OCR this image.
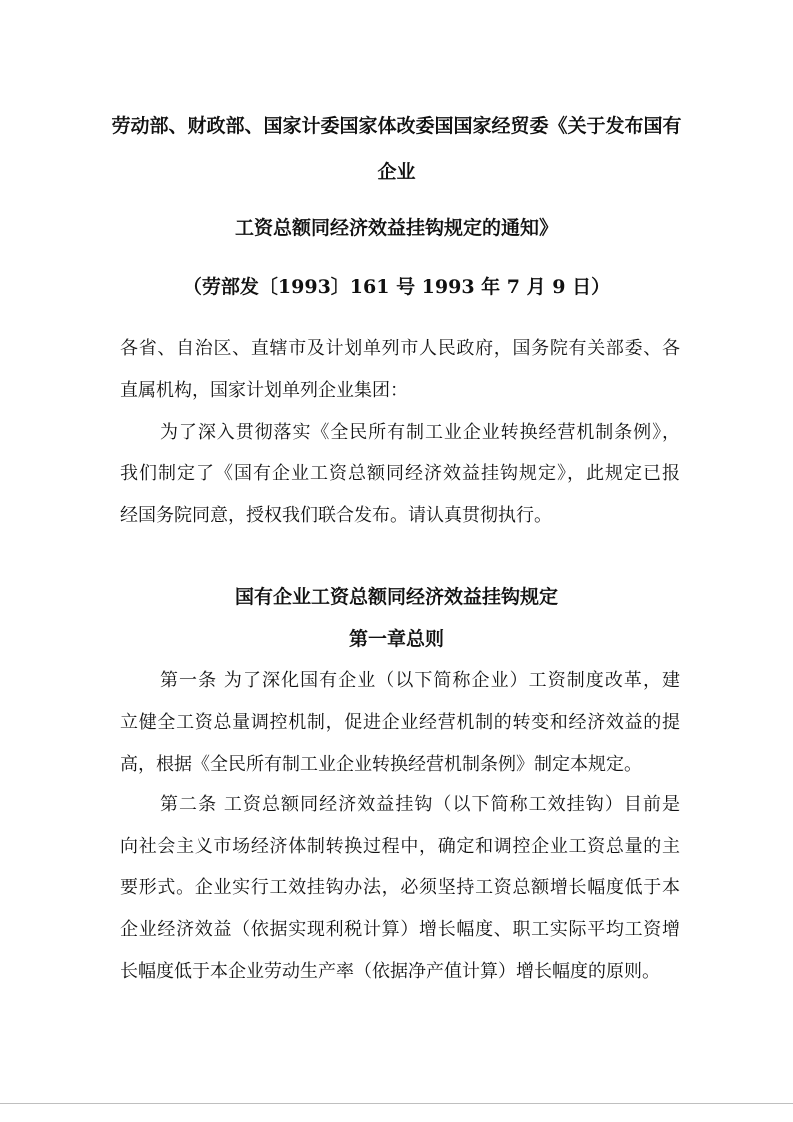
劳动部、财政部、国家计委国家体改委国国家经贸委《关于发布国有
企业
工资总额同经济效益挂钩规定的通知》
（劳部发〔1993〕161 号 1993 年 7 月 9 日）
各省、自治区、直辖市及计划单列市人民政府，国务院有关部委、各
直属机构，国家计划单列企业集团：
为了深入贯彻落实《全民所有制工业企业转换经营机制条例》，
我们制定了《国有企业工资总额同经济效益挂钩规定》，此规定已报
经国务院同意，授权我们联合发布。请认真贯彻执行。
国有企业工资总额同经济效益挂钩规定
第一章总则
第一条 为了深化国有企业（以下简称企业）工资制度改革，建
立健全工资总量调控机制，促进企业经营机制的转变和经济效益的提
高，根据《全民所有制工业企业转换经营机制条例》制定本规定。
第二条 工资总额同经济效益挂钩（以下简称工效挂钩）目前是
向社会主义市场经济体制转换过程中，确定和调控企业工资总量的主
要形式。企业实行工效挂钩办法，必须坚持工资总额增长幅度低于本
企业经济效益（依据实现利税计算）增长幅度、职工实际平均工资增
长幅度低于本企业劳动生产率（依据净产值计算）增长幅度的原则。
